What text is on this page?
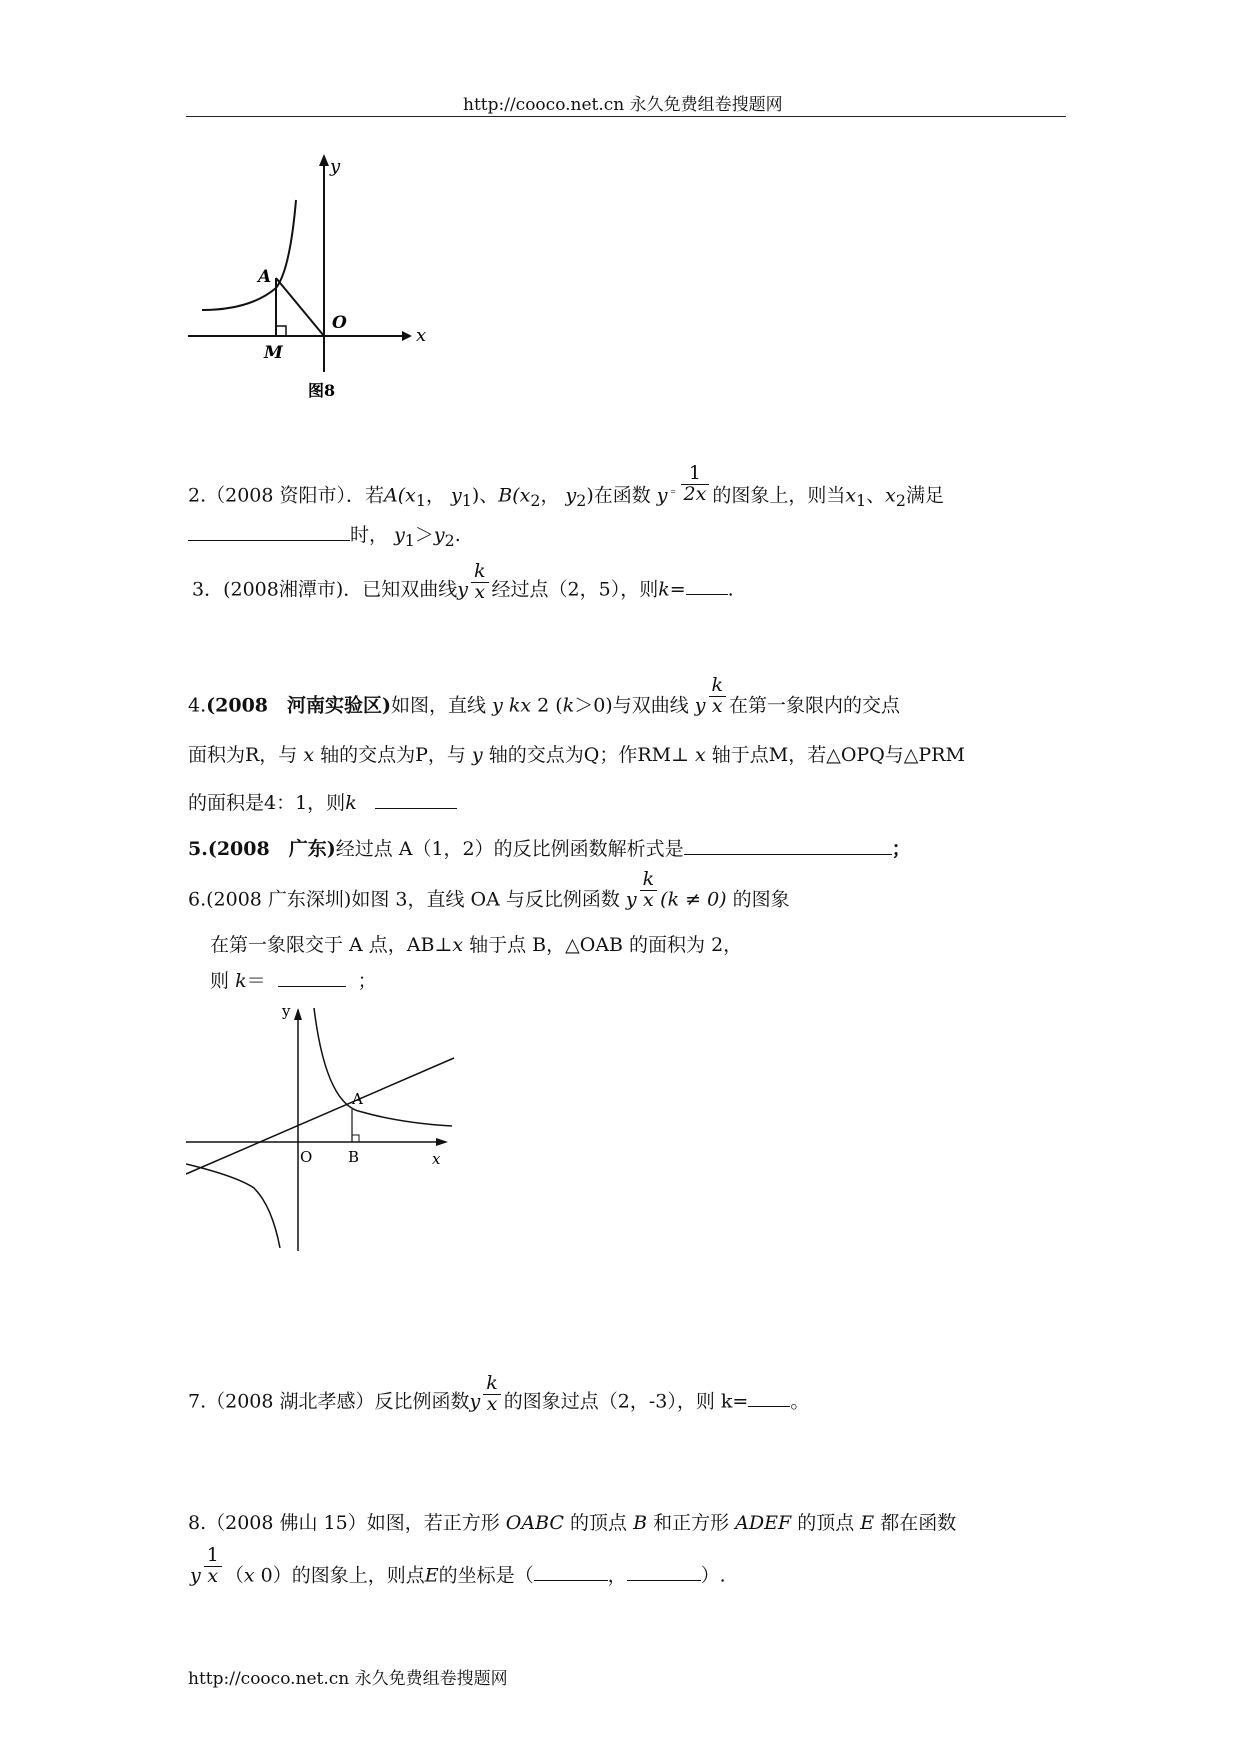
http://cooco.net.cn 永久免费组卷搜题网
y
x
A
O
M
图8
2.（2008 资阳市）．若$A(x_1$， $y_1$)、$B(x_2$， $y_2$)在函数 $y^﹦ \frac{1}{2x}$ 的图象上，则当$x_1$、$x_2$满足
时， $y_1>y_2$.
3．(2008湘潭市)．已知双曲线y $\frac{k}{x}$ 经过点（2，5），则k= .
4.(2008　河南实验区)如图，直线 y kx 2 (k＞0)与双曲线 y $\frac{k}{x}$ 在第一象限内的交点
面积为R，与 x 轴的交点为P，与 y 轴的交点为Q；作RM⊥ x 轴于点M，若△OPQ与△PRM
的面积是4：1，则k
5.(2008　广东)经过点 A（1，2）的反比例函数解析式是	；
6.(2008 广东深圳)如图 3，直线 OA 与反比例函数 y $\frac{k}{x} (k \ne 0)$ 的图象
在第一象限交于 A 点，AB⊥x 轴于点 B，△OAB 的面积为 2，
则 k＝	；
y
x
O
A
B
7.（2008 湖北孝感）反比例函数y $\frac{k}{x}$ 的图象过点（2，-3），则 k= 。
8.（2008 佛山 15）如图，若正方形 OABC 的顶点 B 和正方形 ADEF 的顶点 E 都在函数
y $\frac{1}{x} (x$ 0）的图象上，则点E的坐标是（	，	）.
http://cooco.net.cn 永久免费组卷搜题网
